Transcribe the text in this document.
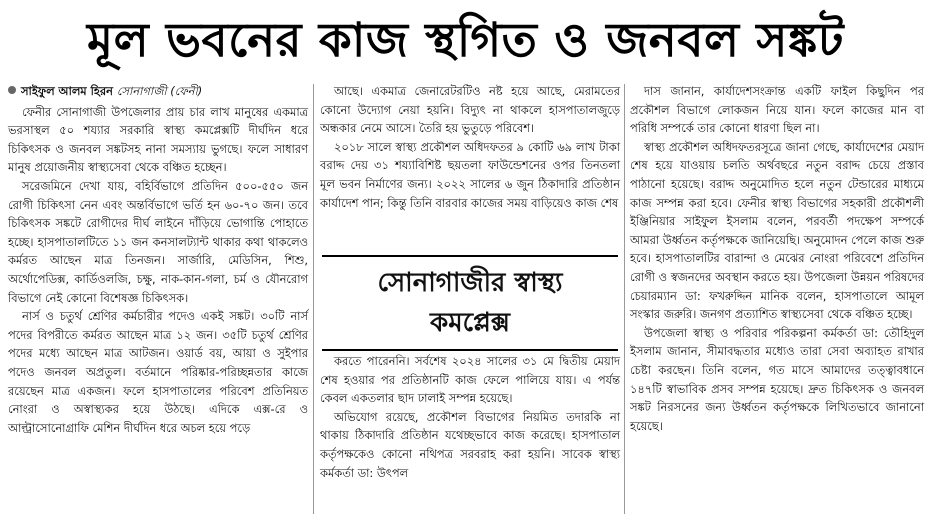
মূল ভবনের কাজ স্থগিত ও জনবল সঙ্কট

সাইফুল আলম হিরন সোনাগাজী (ফেনী)

ফেনীর সোনাগাজী উপজেলার প্রায় চার লাখ মানুষের একমাত্র ভরসাস্থল ৫০ শয্যার সরকারি স্বাস্থ্য কমপ্লেক্সটি দীর্ঘদিন ধরে চিকিৎসক ও জনবল সঙ্কটসহ নানা সমস্যায় ভুগছে। ফলে সাধারণ মানুষ প্রয়োজনীয় স্বাস্থ্যসেবা থেকে বঞ্চিত হচ্ছেন।

সরেজমিনে দেখা যায়, বহির্বিভাগে প্রতিদিন ৫০০-৫৫০ জন রোগী চিকিৎসা নেন এবং অন্তর্বিভাগে ভর্তি হন ৬০-৭০ জন। তবে চিকিৎসক সঙ্কটে রোগীদের দীর্ঘ লাইনে দাঁড়িয়ে ভোগান্তি পোহাতে হচ্ছে। হাসপাতালটিতে ১১ জন কনসালট্যান্ট থাকার কথা থাকলেও কর্মরত আছেন মাত্র তিনজন। সার্জারি, মেডিসিন, শিশু, অর্থোপেডিক্স, কার্ডিওলজি, চক্ষু, নাক-কান-গলা, চর্ম ও যৌনরোগ বিভাগে নেই কোনো বিশেষজ্ঞ চিকিৎসক।

নার্স ও চতুর্থ শ্রেণির কর্মচারীর পদেও একই সঙ্কট। ৩০টি নার্স পদের বিপরীতে কর্মরত আছেন মাত্র ১২ জন। ৩৫টি চতুর্থ শ্রেণির পদের মধ্যে আছেন মাত্র আটজন। ওয়ার্ড বয়, আয়া ও সুইপার পদেও জনবল অপ্রতুল। বর্তমানে পরিষ্কার-পরিচ্ছন্নতার কাজে রয়েছেন মাত্র একজন। ফলে হাসপাতালের পরিবেশ প্রতিনিয়ত নোংরা ও অস্বাস্থ্যকর হয়ে উঠছে। এদিকে এক্স-রে ও আল্ট্রাসোনোগ্রাফি মেশিন দীর্ঘদিন ধরে অচল হয়ে পড়ে

আছে। একমাত্র জেনারেটরটিও নষ্ট হয়ে আছে, মেরামতের কোনো উদ্যোগ নেয়া হয়নি। বিদ্যুৎ না থাকলে হাসপাতালজুড়ে অন্ধকার নেমে আসে। তৈরি হয় ভুতুড়ে পরিবেশ।

২০১৮ সালে স্বাস্থ্য প্রকৌশল অধিদফতর ৯ কোটি ৬৯ লাখ টাকা বরাদ্দ দেয় ৩১ শয্যাবিশিষ্ট ছয়তলা ফাউন্ডেশনের ওপর তিনতলা মূল ভবন নির্মাণের জন্য। ২০২২ সালের ৬ জুন ঠিকাদারি প্রতিষ্ঠান কার্যাদেশ পান; কিন্তু তিনি বারবার কাজের সময় বাড়িয়েও কাজ শেষ

করতে পারেননি। সর্বশেষ ২০২৪ সালের ৩১ মে দ্বিতীয় মেয়াদ শেষ হওয়ার পর প্রতিষ্ঠানটি কাজ ফেলে পালিয়ে যায়। এ পর্যন্ত কেবল একতলার ছাদ ঢালাই সম্পন্ন হয়েছে।

অভিযোগ রয়েছে, প্রকৌশল বিভাগের নিয়মিত তদারকি না থাকায় ঠিকাদারি প্রতিষ্ঠান যথেচ্ছভাবে কাজ করেছে। হাসপাতাল কর্তৃপক্ষকেও কোনো নথিপত্র সরবরাহ করা হয়নি। সাবেক স্বাস্থ্য কর্মকর্তা ডা: উৎপল

সোনাগাজীর স্বাস্থ্য
কমপ্লেক্স

দাস জানান, কার্যাদেশসংক্রান্ত একটি ফাইল কিছুদিন পর প্রকৌশল বিভাগে লোকজন নিয়ে যান। ফলে কাজের মান বা পরিধি সম্পর্কে তার কোনো ধারণা ছিল না।

স্বাস্থ্য প্রকৌশল অধিদফতরসূত্রে জানা গেছে, কার্যাদেশের মেয়াদ শেষ হয়ে যাওয়ায় চলতি অর্থবছরে নতুন বরাদ্দ চেয়ে প্রস্তাব পাঠানো হয়েছে। বরাদ্দ অনুমোদিত হলে নতুন টেন্ডারের মাধ্যমে কাজ সম্পন্ন করা হবে। ফেনীর স্বাস্থ্য বিভাগের সহকারী প্রকৌশলী ইঞ্জিনিয়ার সাইফুল ইসলাম বলেন, পরবর্তী পদক্ষেপ সম্পর্কে আমরা উর্ধ্বতন কর্তৃপক্ষকে জানিয়েছি। অনুমোদন পেলে কাজ শুরু হবে। হাসপাতালটির বারান্দা ও মেঝের নোংরা পরিবেশে প্রতিদিন রোগী ও স্বজনদের অবস্থান করতে হয়। উপজেলা উন্নয়ন পরিষদের চেয়ারম্যান ডা: ফখরুদ্দিন মানিক বলেন, হাসপাতালে আমূল সংস্কার জরুরি। জনগণ প্রত্যাশিত স্বাস্থ্যসেবা থেকে বঞ্চিত হচ্ছে।

উপজেলা স্বাস্থ্য ও পরিবার পরিকল্পনা কর্মকর্তা ডা: তৌহিদুল ইসলাম জানান, সীমাবদ্ধতার মধ্যেও তারা সেবা অব্যাহত রাখার চেষ্টা করছেন। তিনি বলেন, গত মাসে আমাদের তত্ত্বাবধানে ১৪৭টি স্বাভাবিক প্রসব সম্পন্ন হয়েছে। দ্রুত চিকিৎসক ও জনবল সঙ্কট নিরসনের জন্য উর্ধ্বতন কর্তৃপক্ষকে লিখিতভাবে জানানো হয়েছে।
